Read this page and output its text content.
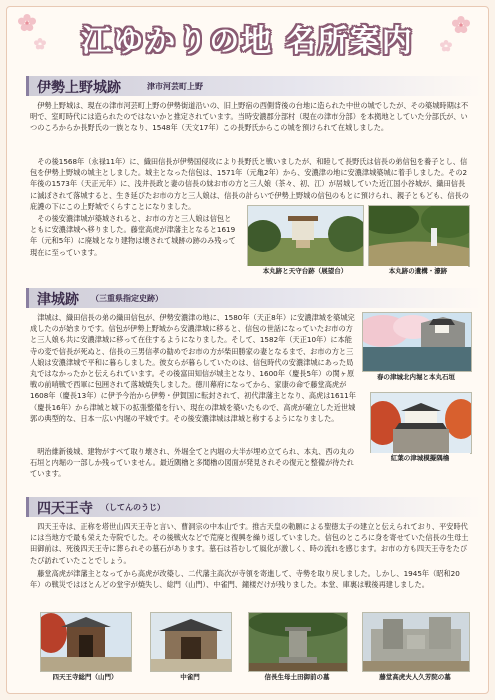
江ゆかりの地 名所案内
伊勢上野城跡	津市河芸町上野

伊勢上野城は、現在の津市河芸町上野の伊勢街道沿いの、旧上野宿の西側背後の台地に造られた中世の城でしたが、その築城時期は不明で、室町時代には造られたのではないかと推定されています。当時安濃郡分部村（現在の津市分部）を本拠地としていた分部氏が、いつのころからか長野氏の一族となり、1548年（天文17年）この長野氏からこの城を預けられて在城しました。

その後1568年（永禄11年）に、織田信長が伊勢国侵攻により長野氏と戦いましたが、和睦して長野氏は信長の弟信包を養子とし、信包を伊勢上野城の城主としました。城主となった信包は、1571年（元亀2年）から、安濃津の地に安濃津城築城に着手しました。その2年後の1573年（天正元年）に、浅井長政と妻の信長の妹お市の方と三人娘（茶々、初、江）が居城していた近江国小谷城が、織田信長に滅ぼされて落城すると、生き延びたお市の方と三人娘は、信長の計らいで伊勢上野城の信包のもとに預けられ、親子ともども、信長の庇護の下にこの上野城でくらすことになりました。

その後安濃津城が築城されると、お市の方と三人娘は信包とともに安濃津城へ移りました。藤堂高虎が津藩主となると1619年（元和5年）に廃城となり建物は壊されて城跡の跡のみ残って現在に至っています。

本丸跡と天守台跡（展望台）	本丸跡の遺構・濠跡
津城跡 （三重県指定史跡）

津城は、織田信長の弟の織田信包が、伊勢安濃津の地に、1580年（天正8年）に安濃津城を築城完成したのが始まりです。信包が伊勢上野城から安濃津城に移ると、信包の世話になっていたお市の方と三人娘も共に安濃津城に移って在住するようになりました。そして、1582年（天正10年）に本能寺の変で信長が死ぬと、信長の三男信孝の勧めでお市の方が柴田勝家の妻となるまで、お市の方と三人娘は安濃津城で平和に暮らしました。彼女らが暮らしていたのは、信包時代の安濃津城にあった局丸ではなかったかと伝えられています。その後富田知信が城主となり、1600年（慶長5年）の関ヶ原戦の前哨戦で西軍に包囲されて落城焼失しました。徳川幕府になってから、家康の命で藤堂高虎が1608年（慶長13年）に伊予今治から伊勢・伊賀国に転封されて、初代津藩主となり、高虎は1611年（慶長16年）から津城と城下の拡張整備を行い、現在の津城を築いたもので、高虎が確立した近世城郭の典型的な、日本一広い内堀の平城です。その後安濃津城は津城と称するようになりました。

明治維新後城、建物がすべて取り壊され、外堀全てと内堀の大半が埋め立てられ、本丸、西の丸の石垣と内堀の一部しか残っていません。最近隅櫓と多聞櫓の図面が発見されその復元と整備が待たれています。

春の津城北内堀と本丸石垣
紅葉の津城模擬隅櫓
四天王寺 （してんのうじ）

四天王寺は、正称を塔世山四天王寺と言い、曹洞宗の中本山です。推古天皇の勅願による聖徳太子の建立と伝えられており、平安時代には当地方で最も栄えた寺院でした。その後戦火などで荒廃と復興を繰り返していました。信包のところに身を寄せていた信長の生母土田御前は、死後四天王寺に葬られその墓石があります。墓石は苔むして風化が激しく、時の流れを感じます。お市の方も四天王寺をたびたび訪れていたことでしょう。

藤堂高虎が津藩主となってから高虎が改築し、二代藩主高次が寺領を寄進して、寺勢を取り戻しました。しかし、1945年（昭和20年）の戦災ではほとんどの堂宇が焼失し、総門（山門）、中雀門、鐘楼だけが残りました。本堂、庫裏は戦後再建しました。

四天王寺総門（山門）	中雀門	信長生母土田御前の墓	藤堂高虎夫人久芳院の墓
